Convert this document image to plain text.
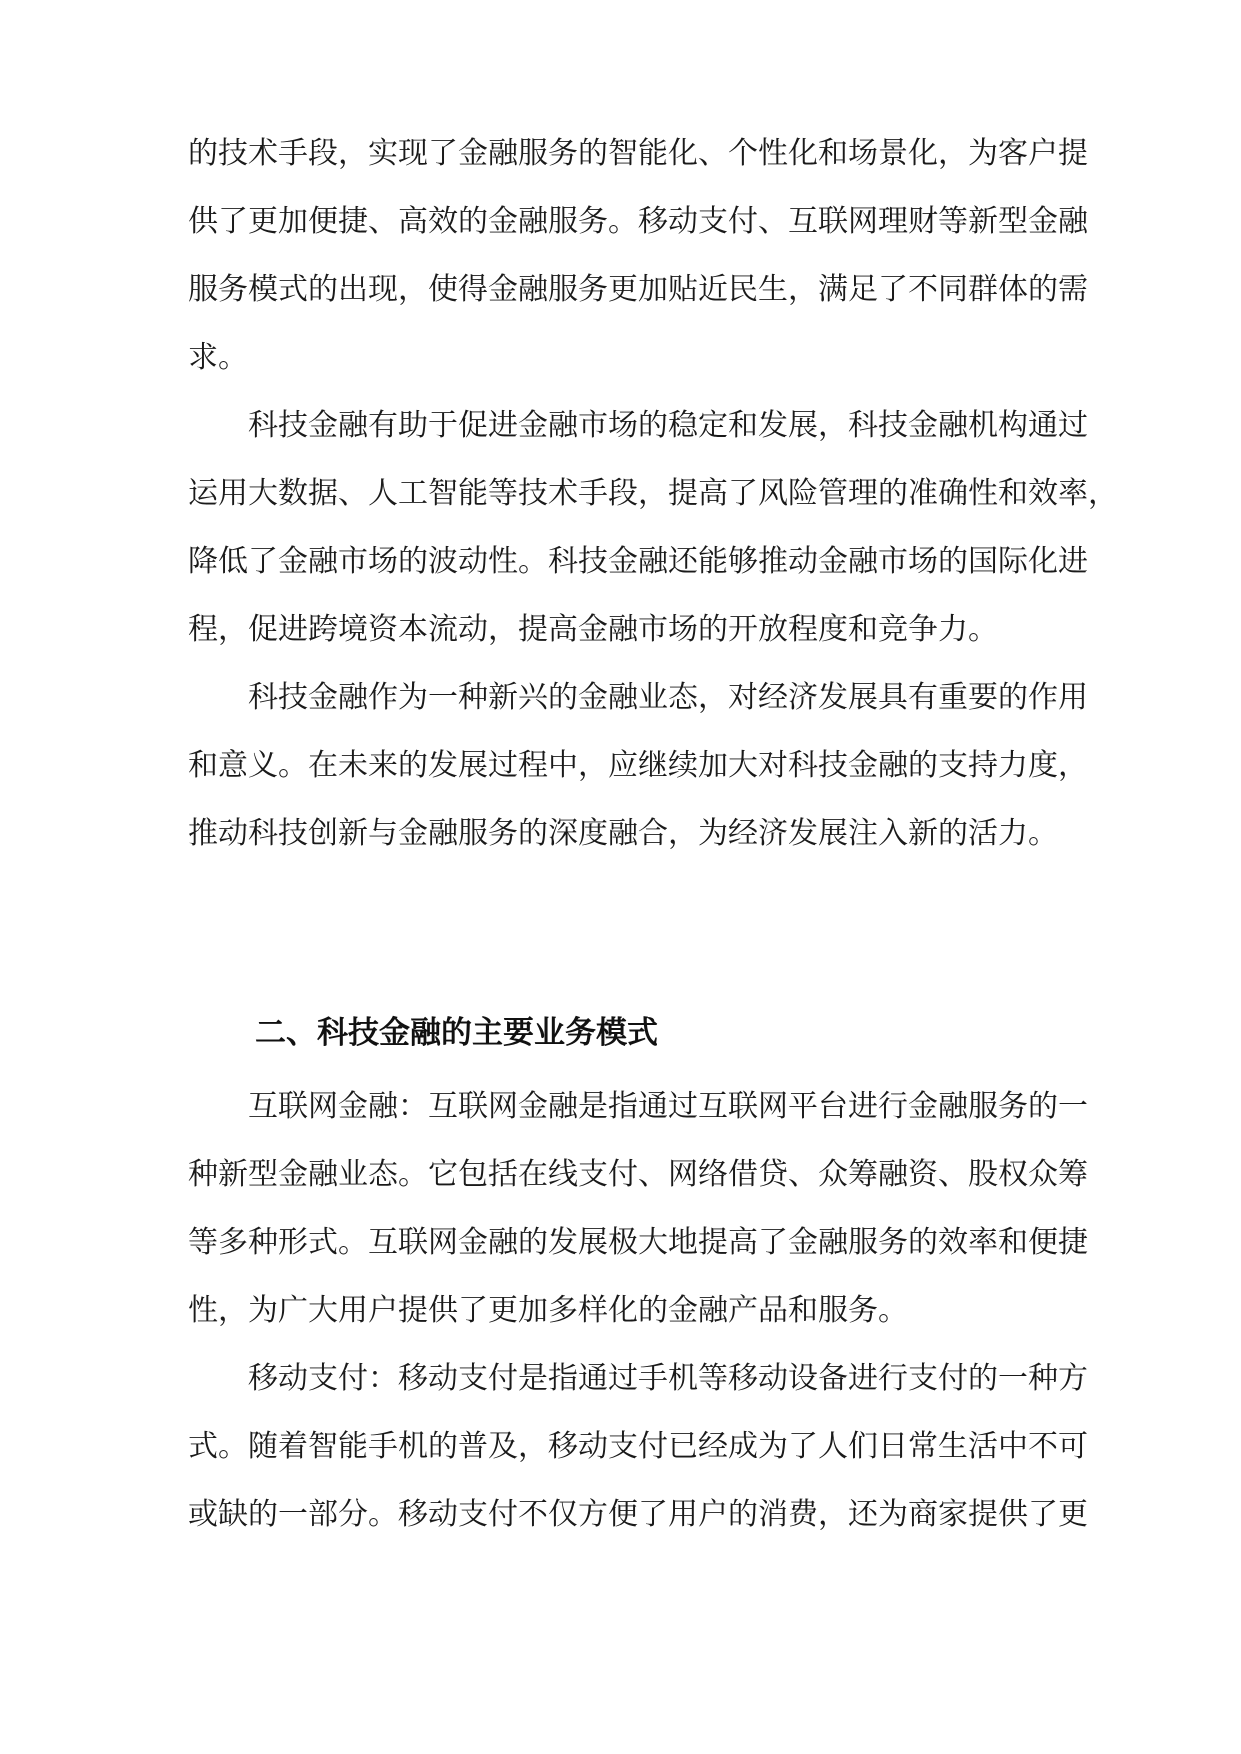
的技术手段，实现了金融服务的智能化、个性化和场景化，为客户提

供了更加便捷、高效的金融服务。移动支付、互联网理财等新型金融

服务模式的出现，使得金融服务更加贴近民生，满足了不同群体的需

求。

科技金融有助于促进金融市场的稳定和发展，科技金融机构通过

运用大数据、人工智能等技术手段，提高了风险管理的准确性和效率，

降低了金融市场的波动性。科技金融还能够推动金融市场的国际化进

程，促进跨境资本流动，提高金融市场的开放程度和竞争力。

科技金融作为一种新兴的金融业态，对经济发展具有重要的作用

和意义。在未来的发展过程中，应继续加大对科技金融的支持力度，

推动科技创新与金融服务的深度融合，为经济发展注入新的活力。

二、科技金融的主要业务模式

互联网金融：互联网金融是指通过互联网平台进行金融服务的一

种新型金融业态。它包括在线支付、网络借贷、众筹融资、股权众筹

等多种形式。互联网金融的发展极大地提高了金融服务的效率和便捷

性，为广大用户提供了更加多样化的金融产品和服务。

移动支付：移动支付是指通过手机等移动设备进行支付的一种方

式。随着智能手机的普及，移动支付已经成为了人们日常生活中不可

或缺的一部分。移动支付不仅方便了用户的消费，还为商家提供了更
